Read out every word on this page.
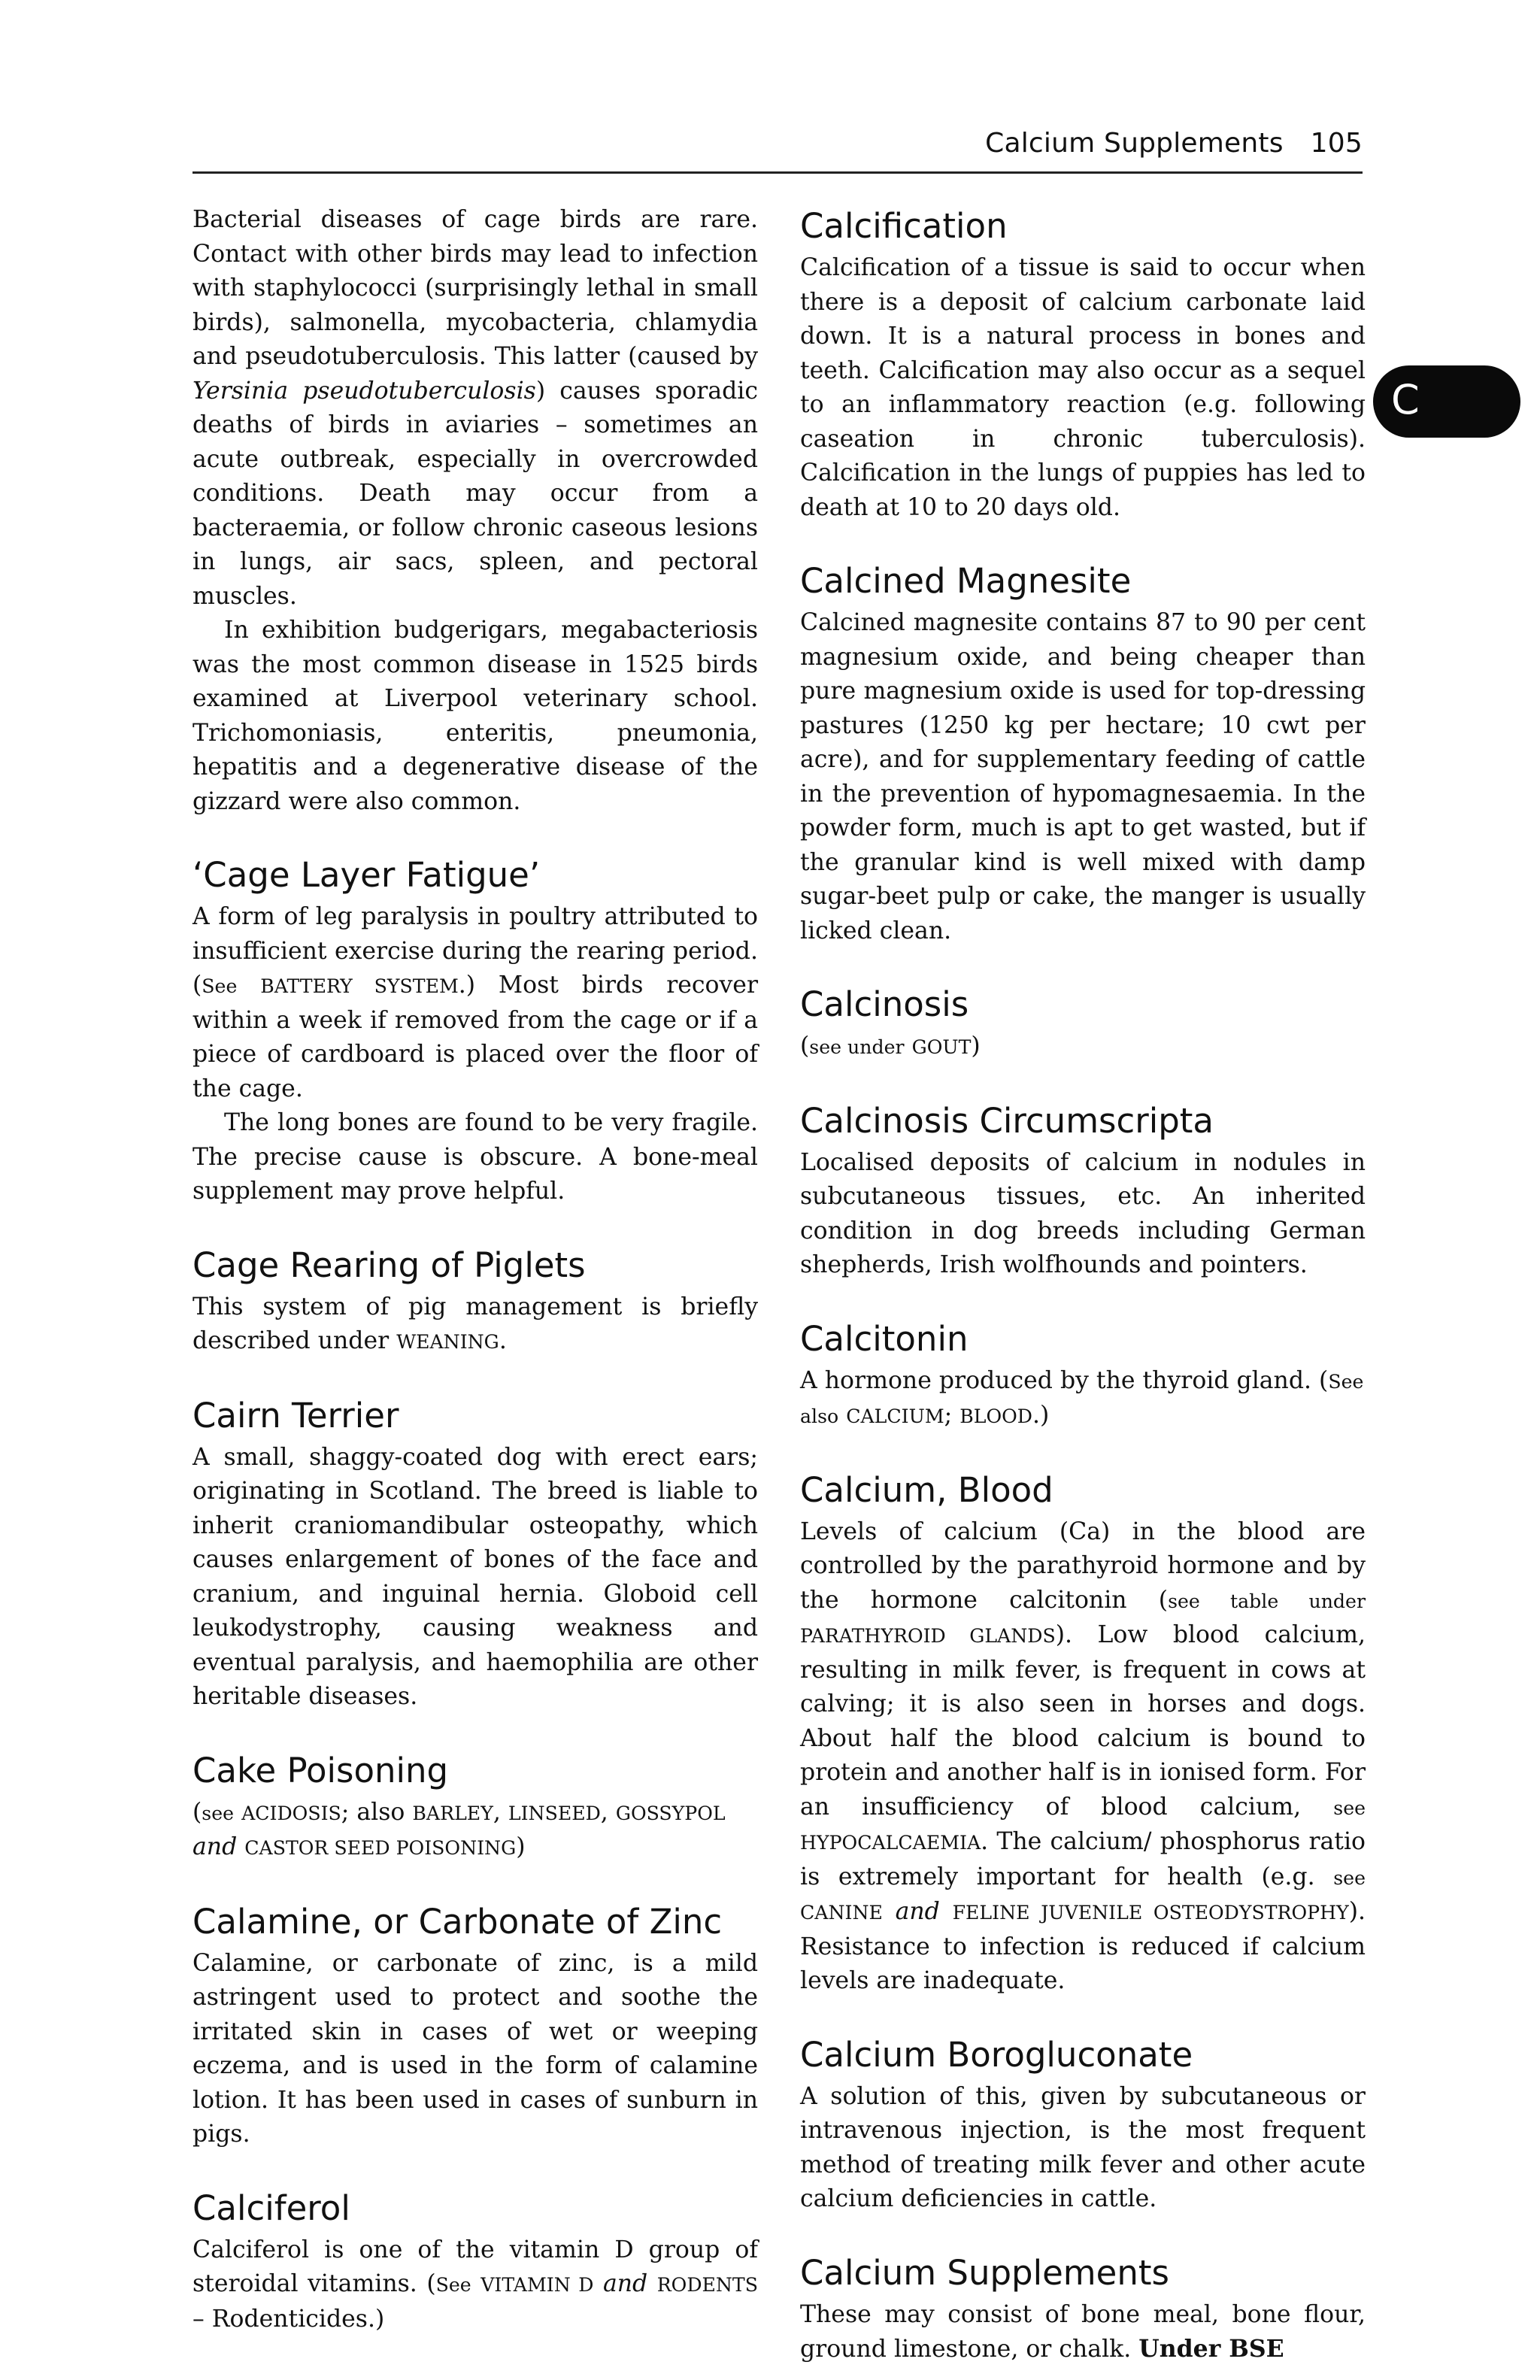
Calcium Supplements 105
C

Bacterial diseases of cage birds are rare. Contact with other birds may lead to infection with staphylococci (surprisingly lethal in small birds), salmonella, mycobacteria, chlamydia and pseudotuberculosis. This latter (caused by Yersinia pseudotuberculosis) causes sporadic deaths of birds in aviaries – sometimes an acute outbreak, especially in overcrowded conditions. Death may occur from a bacteraemia, or follow chronic caseous lesions in lungs, air sacs, spleen, and pectoral muscles.

In exhibition budgerigars, megabacteriosis was the most common disease in 1525 birds examined at Liverpool veterinary school. Trichomoniasis, enteritis, pneumonia, hepatitis and a degenerative disease of the gizzard were also common.

‘Cage Layer Fatigue’

A form of leg paralysis in poultry attributed to insufficient exercise during the rearing period. (See BATTERY SYSTEM.) Most birds recover within a week if removed from the cage or if a piece of cardboard is placed over the floor of the cage.

The long bones are found to be very fragile. The precise cause is obscure. A bone-meal supplement may prove helpful.

Cage Rearing of Piglets

This system of pig management is briefly described under WEANING.

Cairn Terrier

A small, shaggy-coated dog with erect ears; originating in Scotland. The breed is liable to inherit craniomandibular osteopathy, which causes enlargement of bones of the face and cranium, and inguinal hernia. Globoid cell leukodystrophy, causing weakness and eventual paralysis, and haemophilia are other heritable diseases.

Cake Poisoning

(see ACIDOSIS; also BARLEY, LINSEED, GOSSYPOL and CASTOR SEED POISONING)

Calamine, or Carbonate of Zinc

Calamine, or carbonate of zinc, is a mild astringent used to protect and soothe the irritated skin in cases of wet or weeping eczema, and is used in the form of calamine lotion. It has been used in cases of sunburn in pigs.

Calciferol

Calciferol is one of the vitamin D group of steroidal vitamins. (See VITAMIN D and RODENTS – Rodenticides.)

Calcification

Calcification of a tissue is said to occur when there is a deposit of calcium carbonate laid down. It is a natural process in bones and teeth. Calcification may also occur as a sequel to an inflammatory reaction (e.g. following caseation in chronic tuberculosis). Calcification in the lungs of puppies has led to death at 10 to 20 days old.

Calcined Magnesite

Calcined magnesite contains 87 to 90 per cent magnesium oxide, and being cheaper than pure magnesium oxide is used for top-dressing pastures (1250 kg per hectare; 10 cwt per acre), and for supplementary feeding of cattle in the prevention of hypomagnesaemia. In the powder form, much is apt to get wasted, but if the granular kind is well mixed with damp sugar-beet pulp or cake, the manger is usually licked clean.

Calcinosis

(see under GOUT)

Calcinosis Circumscripta

Localised deposits of calcium in nodules in subcutaneous tissues, etc. An inherited condition in dog breeds including German shepherds, Irish wolfhounds and pointers.

Calcitonin

A hormone produced by the thyroid gland. (See also CALCIUM; BLOOD.)

Calcium, Blood

Levels of calcium (Ca) in the blood are controlled by the parathyroid hormone and by the hormone calcitonin (see table under PARATHYROID GLANDS). Low blood calcium, resulting in milk fever, is frequent in cows at calving; it is also seen in horses and dogs. About half the blood calcium is bound to protein and another half is in ionised form. For an insufficiency of blood calcium, see HYPOCALCAEMIA. The calcium/ phosphorus ratio is extremely important for health (e.g. see CANINE and FELINE JUVENILE OSTEODYSTROPHY). Resistance to infection is reduced if calcium levels are inadequate.

Calcium Borogluconate

A solution of this, given by subcutaneous or intravenous injection, is the most frequent method of treating milk fever and other acute calcium deficiencies in cattle.

Calcium Supplements

These may consist of bone meal, bone flour, ground limestone, or chalk. Under BSE
